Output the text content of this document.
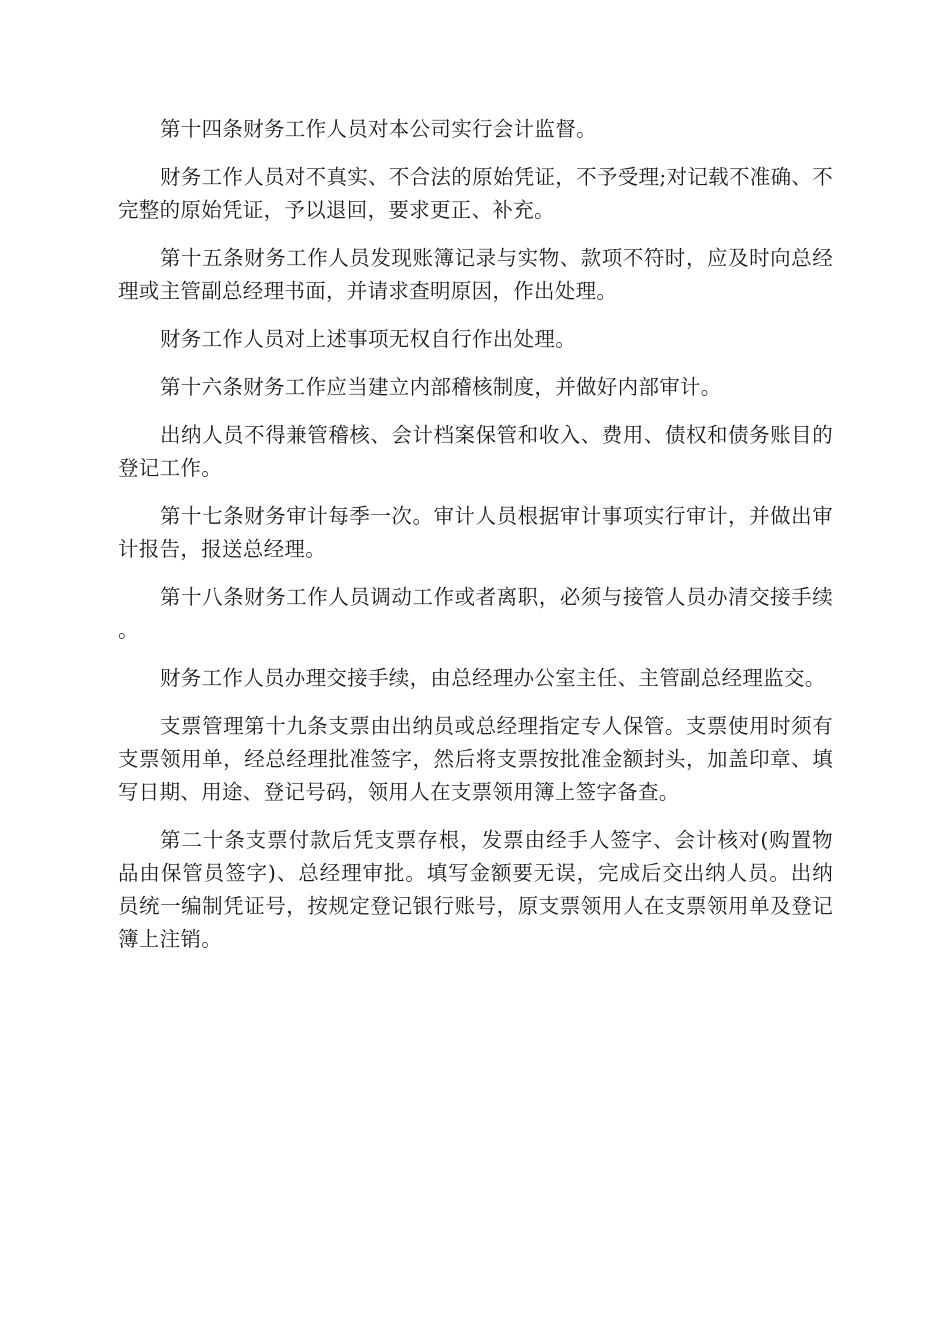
第十四条财务工作人员对本公司实行会计监督。

财务工作人员对不真实、不合法的原始凭证，不予受理;对记载不准确、不完整的原始凭证，予以退回，要求更正、补充。

第十五条财务工作人员发现账簿记录与实物、款项不符时，应及时向总经理或主管副总经理书面，并请求查明原因，作出处理。

财务工作人员对上述事项无权自行作出处理。

第十六条财务工作应当建立内部稽核制度，并做好内部审计。

出纳人员不得兼管稽核、会计档案保管和收入、费用、债权和债务账目的登记工作。

第十七条财务审计每季一次。审计人员根据审计事项实行审计，并做出审计报告，报送总经理。

第十八条财务工作人员调动工作或者离职，必须与接管人员办清交接手续。

财务工作人员办理交接手续，由总经理办公室主任、主管副总经理监交。

支票管理第十九条支票由出纳员或总经理指定专人保管。支票使用时须有支票领用单，经总经理批准签字，然后将支票按批准金额封头，加盖印章、填写日期、用途、登记号码，领用人在支票领用簿上签字备查。

第二十条支票付款后凭支票存根，发票由经手人签字、会计核对(购置物品由保管员签字)、总经理审批。填写金额要无误，完成后交出纳人员。出纳员统一编制凭证号，按规定登记银行账号，原支票领用人在支票领用单及登记簿上注销。
